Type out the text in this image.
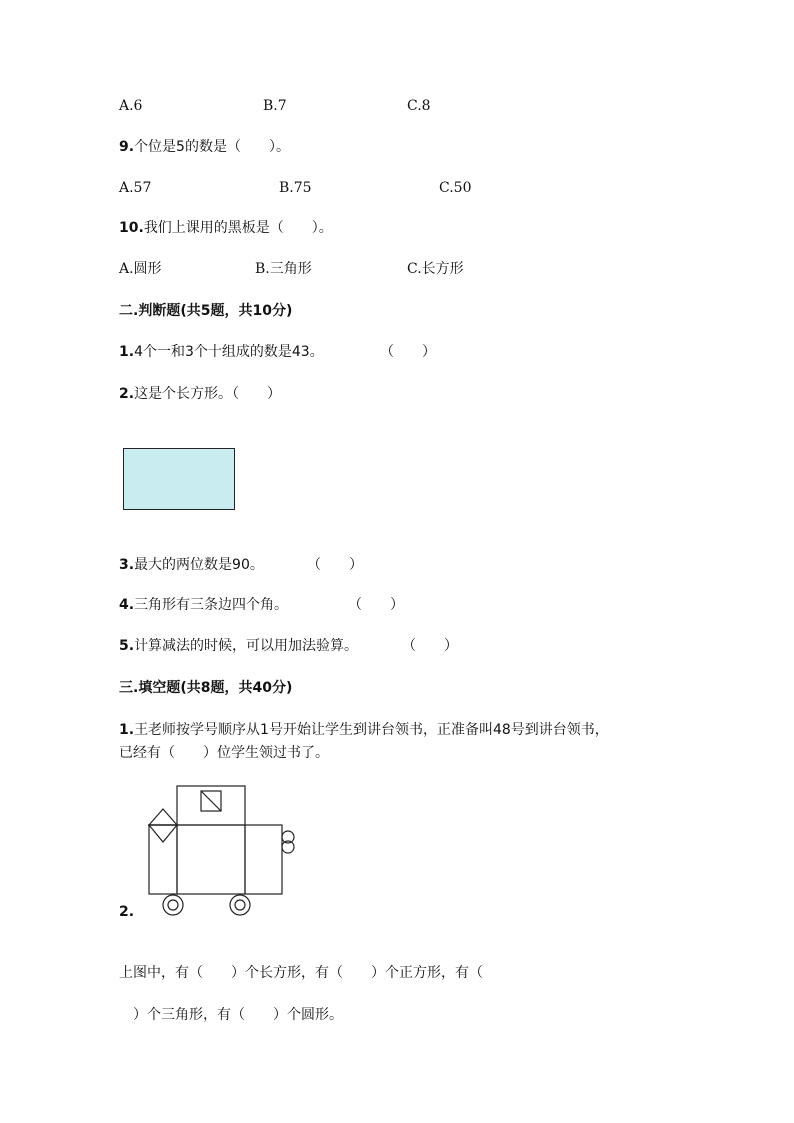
A.6	B.7	C.8
9.个位是5的数是（　　）。
A.57	B.75	C.50
10.我们上课用的黑板是（　　）。
A.圆形	B.三角形	C.长方形
二.判断题(共5题，共10分)
1.4个一和3个十组成的数是43。	（　　）
2.这是个长方形。（　　）
3.最大的两位数是90。	（　　）
4.三角形有三条边四个角。	（　　）
5.计算减法的时候，可以用加法验算。	（　　）
三.填空题(共8题，共40分)
1.王老师按学号顺序从1号开始让学生到讲台领书，正准备叫48号到讲台领书，
已经有（　　）位学生领过书了。
2.
上图中，有（　　）个长方形，有（　　）个正方形，有（
　）个三角形，有（　　）个圆形。
